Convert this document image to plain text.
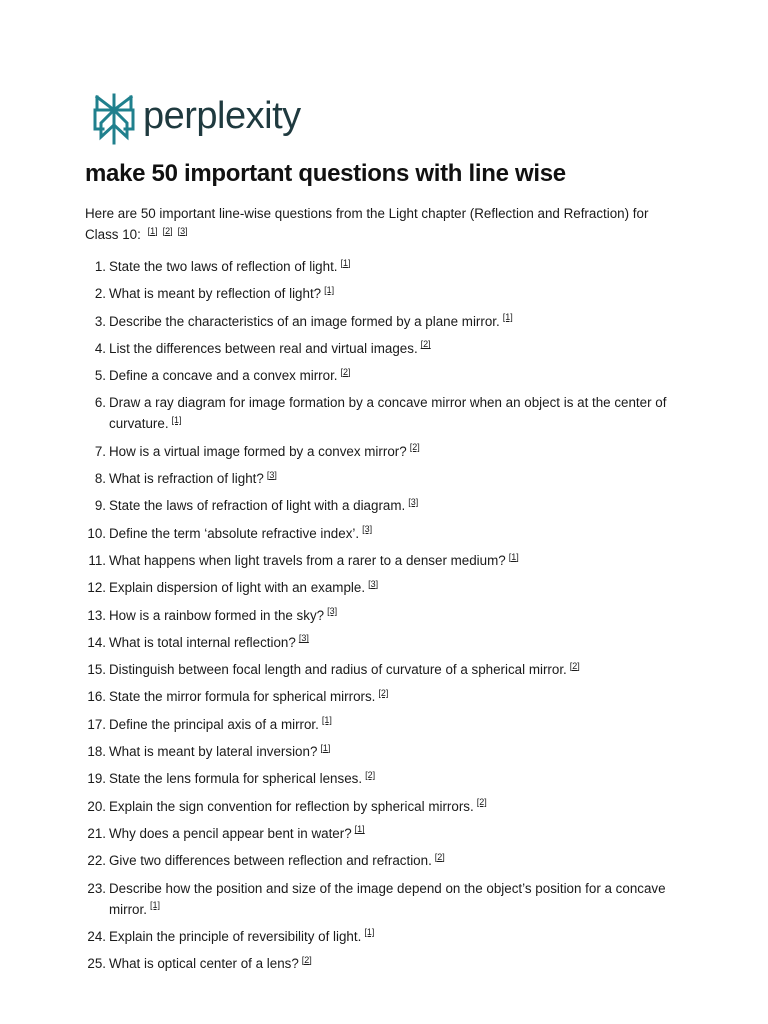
perplexity
make 50 important questions with line wise

Here are 50 important line-wise questions from the Light chapter (Reflection and Refraction) for Class 10: [1] [2] [3]

1. State the two laws of reflection of light. [1]
2. What is meant by reflection of light? [1]
3. Describe the characteristics of an image formed by a plane mirror. [1]
4. List the differences between real and virtual images. [2]
5. Define a concave and a convex mirror. [2]
6. Draw a ray diagram for image formation by a concave mirror when an object is at the center of curvature. [1]
7. How is a virtual image formed by a convex mirror? [2]
8. What is refraction of light? [3]
9. State the laws of refraction of light with a diagram. [3]
10. Define the term ‘absolute refractive index’. [3]
11. What happens when light travels from a rarer to a denser medium? [1]
12. Explain dispersion of light with an example. [3]
13. How is a rainbow formed in the sky? [3]
14. What is total internal reflection? [3]
15. Distinguish between focal length and radius of curvature of a spherical mirror. [2]
16. State the mirror formula for spherical mirrors. [2]
17. Define the principal axis of a mirror. [1]
18. What is meant by lateral inversion? [1]
19. State the lens formula for spherical lenses. [2]
20. Explain the sign convention for reflection by spherical mirrors. [2]
21. Why does a pencil appear bent in water? [1]
22. Give two differences between reflection and refraction. [2]
23. Describe how the position and size of the image depend on the object’s position for a concave mirror. [1]
24. Explain the principle of reversibility of light. [1]
25. What is optical center of a lens? [2]
